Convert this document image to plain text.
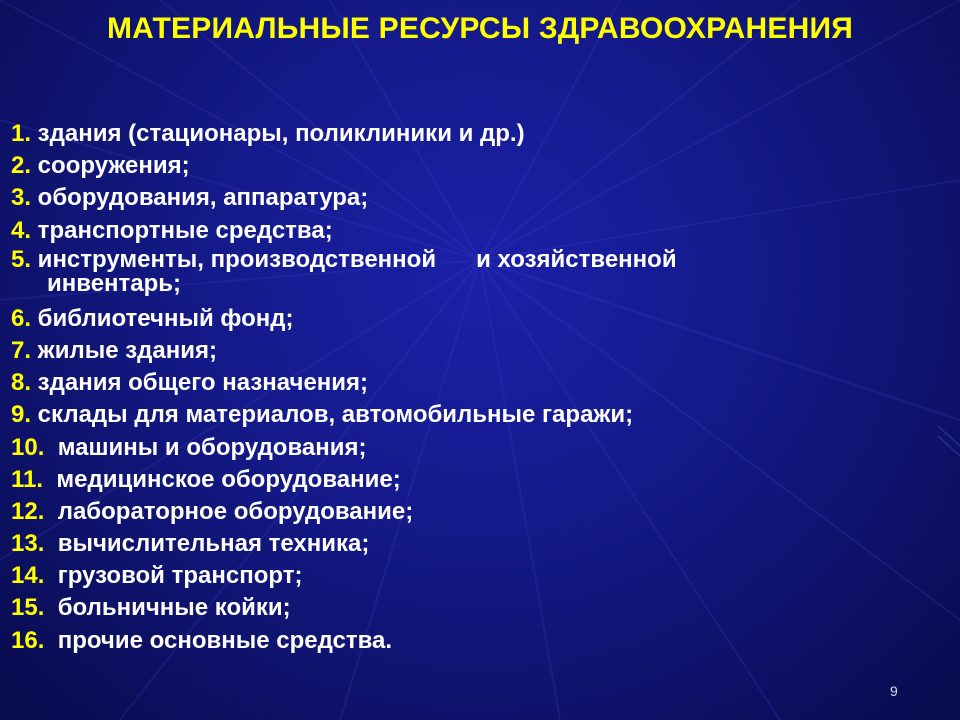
МАТЕРИАЛЬНЫЕ РЕСУРСЫ ЗДРАВООХРАНЕНИЯ
1. здания (стационары, поликлиники и др.)
2. сооружения;
3. оборудования, аппаратура;
4. транспортные средства;
5. инструменты, производственной      и хозяйственной
инвентарь;
6. библиотечный фонд;
7. жилые здания;
8. здания общего назначения;
9. склады для материалов, автомобильные гаражи;
10.  машины и оборудования;
11.  медицинское оборудование;
12.  лабораторное оборудование;
13.  вычислительная техника;
14.  грузовой транспорт;
15.  больничные койки;
16.  прочие основные средства.
9
